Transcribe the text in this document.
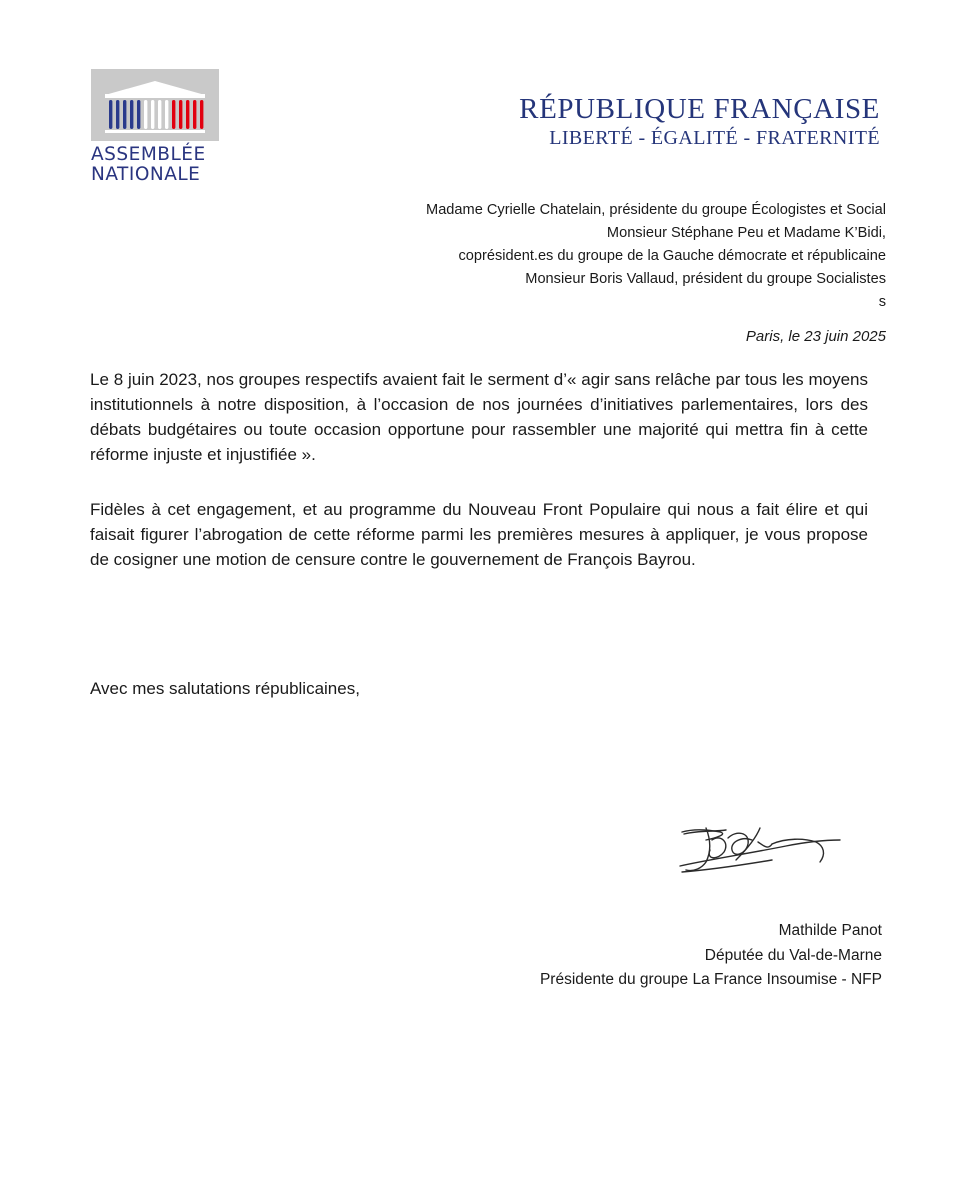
ASSEMBLÉE
NATIONALE
RÉPUBLIQUE FRANÇAISE
LIBERTÉ - ÉGALITÉ - FRATERNITÉ
Madame Cyrielle Chatelain, présidente du groupe Écologistes et Social
Monsieur Stéphane Peu et Madame K’Bidi,
coprésident.es du groupe de la Gauche démocrate et républicaine
Monsieur Boris Vallaud, président du groupe Socialistes
s
Paris, le 23 juin 2025
Le 8 juin 2023, nos groupes respectifs avaient fait le serment d’« agir sans relâche par tous les moyens institutionnels à notre disposition, à l’occasion de nos journées d’initiatives parlementaires, lors des débats budgétaires ou toute occasion opportune pour rassembler une majorité qui mettra fin à cette réforme injuste et injustifiée ».
Fidèles à cet engagement, et au programme du Nouveau Front Populaire qui nous a fait élire et qui faisait figurer l’abrogation de cette réforme parmi les premières mesures à appliquer, je vous propose de cosigner une motion de censure contre le gouvernement de François Bayrou.
Avec mes salutations républicaines,
Mathilde Panot
Députée du Val-de-Marne
Présidente du groupe La France Insoumise - NFP
